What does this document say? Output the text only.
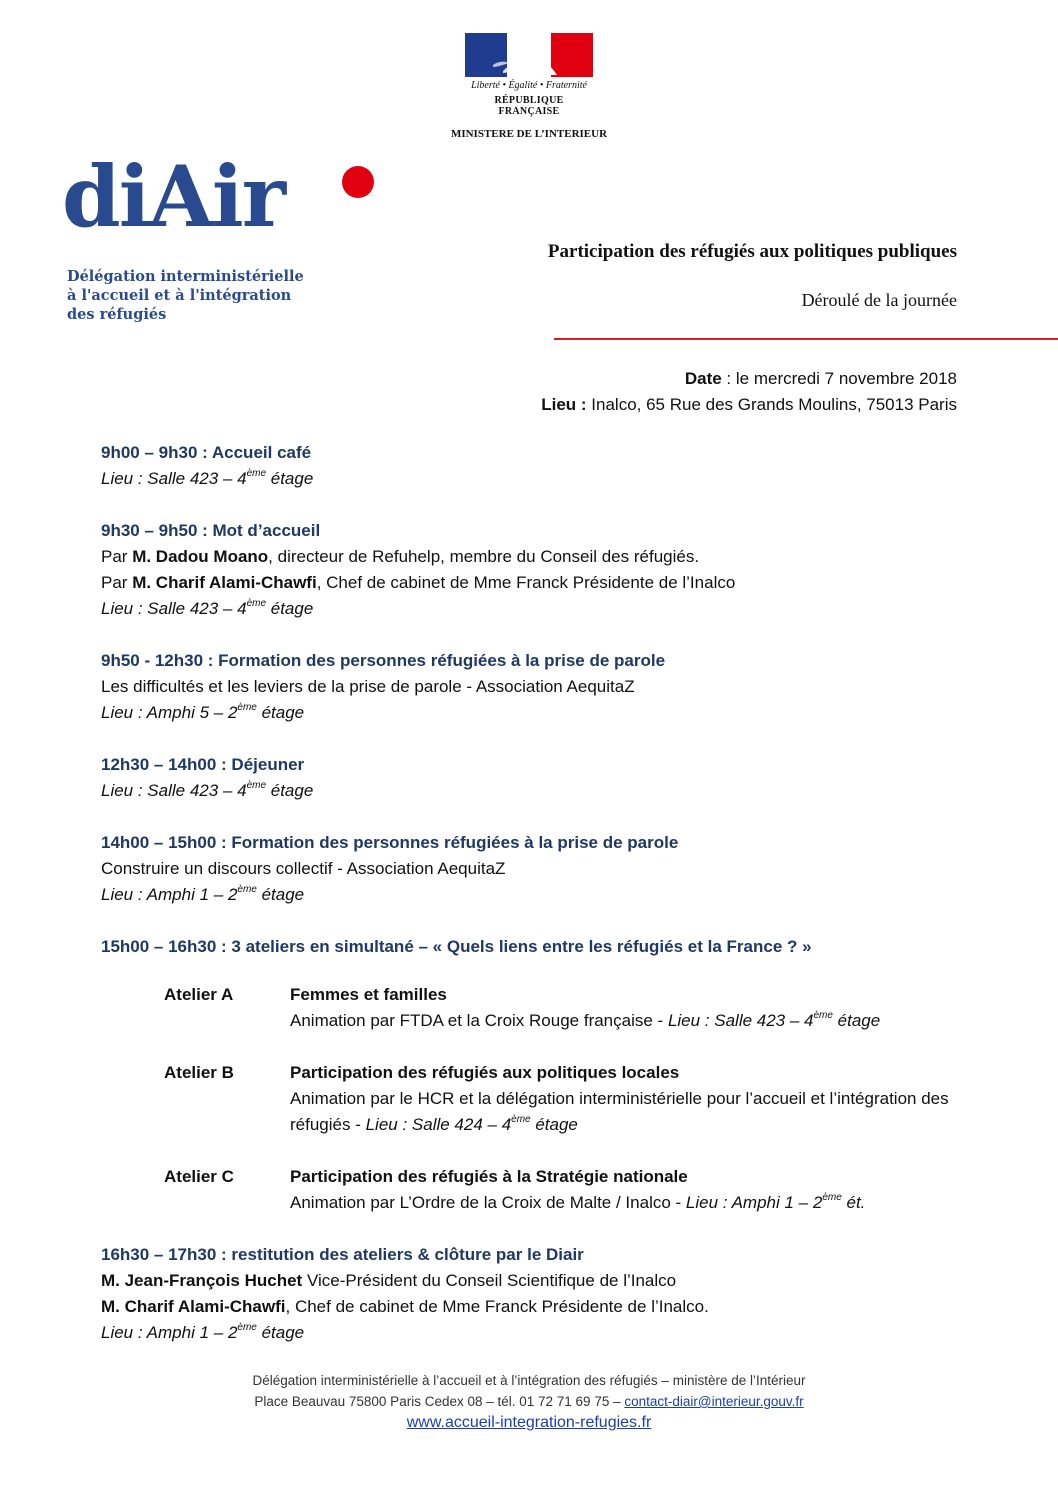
Liberté • Égalité • Fraternité
RÉPUBLIQUE FRANÇAISE
MINISTERE DE L’INTERIEUR
diAir
Délégation interministérielle
à l'accueil et à l'intégration
des réfugiés
Participation des réfugiés aux politiques publiques
Déroulé de la journée
Date : le mercredi 7 novembre 2018
Lieu : Inalco, 65 Rue des Grands Moulins, 75013 Paris
9h00 – 9h30 : Accueil café
Lieu : Salle 423 – 4ème étage
9h30 – 9h50 : Mot d’accueil
Par M. Dadou Moano, directeur de Refuhelp, membre du Conseil des réfugiés.
Par M. Charif Alami-Chawfi, Chef de cabinet de Mme Franck Présidente de l’Inalco
Lieu : Salle 423 – 4ème étage
9h50 - 12h30 : Formation des personnes réfugiées à la prise de parole
Les difficultés et les leviers de la prise de parole - Association AequitaZ
Lieu : Amphi 5 – 2ème étage
12h30 – 14h00 : Déjeuner
Lieu : Salle 423 – 4ème étage
14h00 – 15h00 : Formation des personnes réfugiées à la prise de parole
Construire un discours collectif - Association AequitaZ
Lieu : Amphi 1 – 2ème étage
15h00 – 16h30 : 3 ateliers en simultané – « Quels liens entre les réfugiés et la France ? »
Atelier A	Femmes et familles
Animation par FTDA et la Croix Rouge française - Lieu : Salle 423 – 4ème étage
Atelier B	Participation des réfugiés aux politiques locales
Animation par le HCR et la délégation interministérielle pour l’accueil et l’intégration des réfugiés - Lieu : Salle 424 – 4ème étage
Atelier C	Participation des réfugiés à la Stratégie nationale
Animation par L’Ordre de la Croix de Malte / Inalco - Lieu : Amphi 1 – 2ème ét.
16h30 – 17h30 : restitution des ateliers & clôture par le Diair
M. Jean-François Huchet Vice-Président du Conseil Scientifique de l’Inalco
M. Charif Alami-Chawfi, Chef de cabinet de Mme Franck Présidente de l’Inalco.
Lieu : Amphi 1 – 2ème étage
Délégation interministérielle à l’accueil et à l’intégration des réfugiés – ministère de l’Intérieur
Place Beauvau 75800 Paris Cedex 08 – tél. 01 72 71 69 75 – contact-diair@interieur.gouv.fr
www.accueil-integration-refugies.fr
